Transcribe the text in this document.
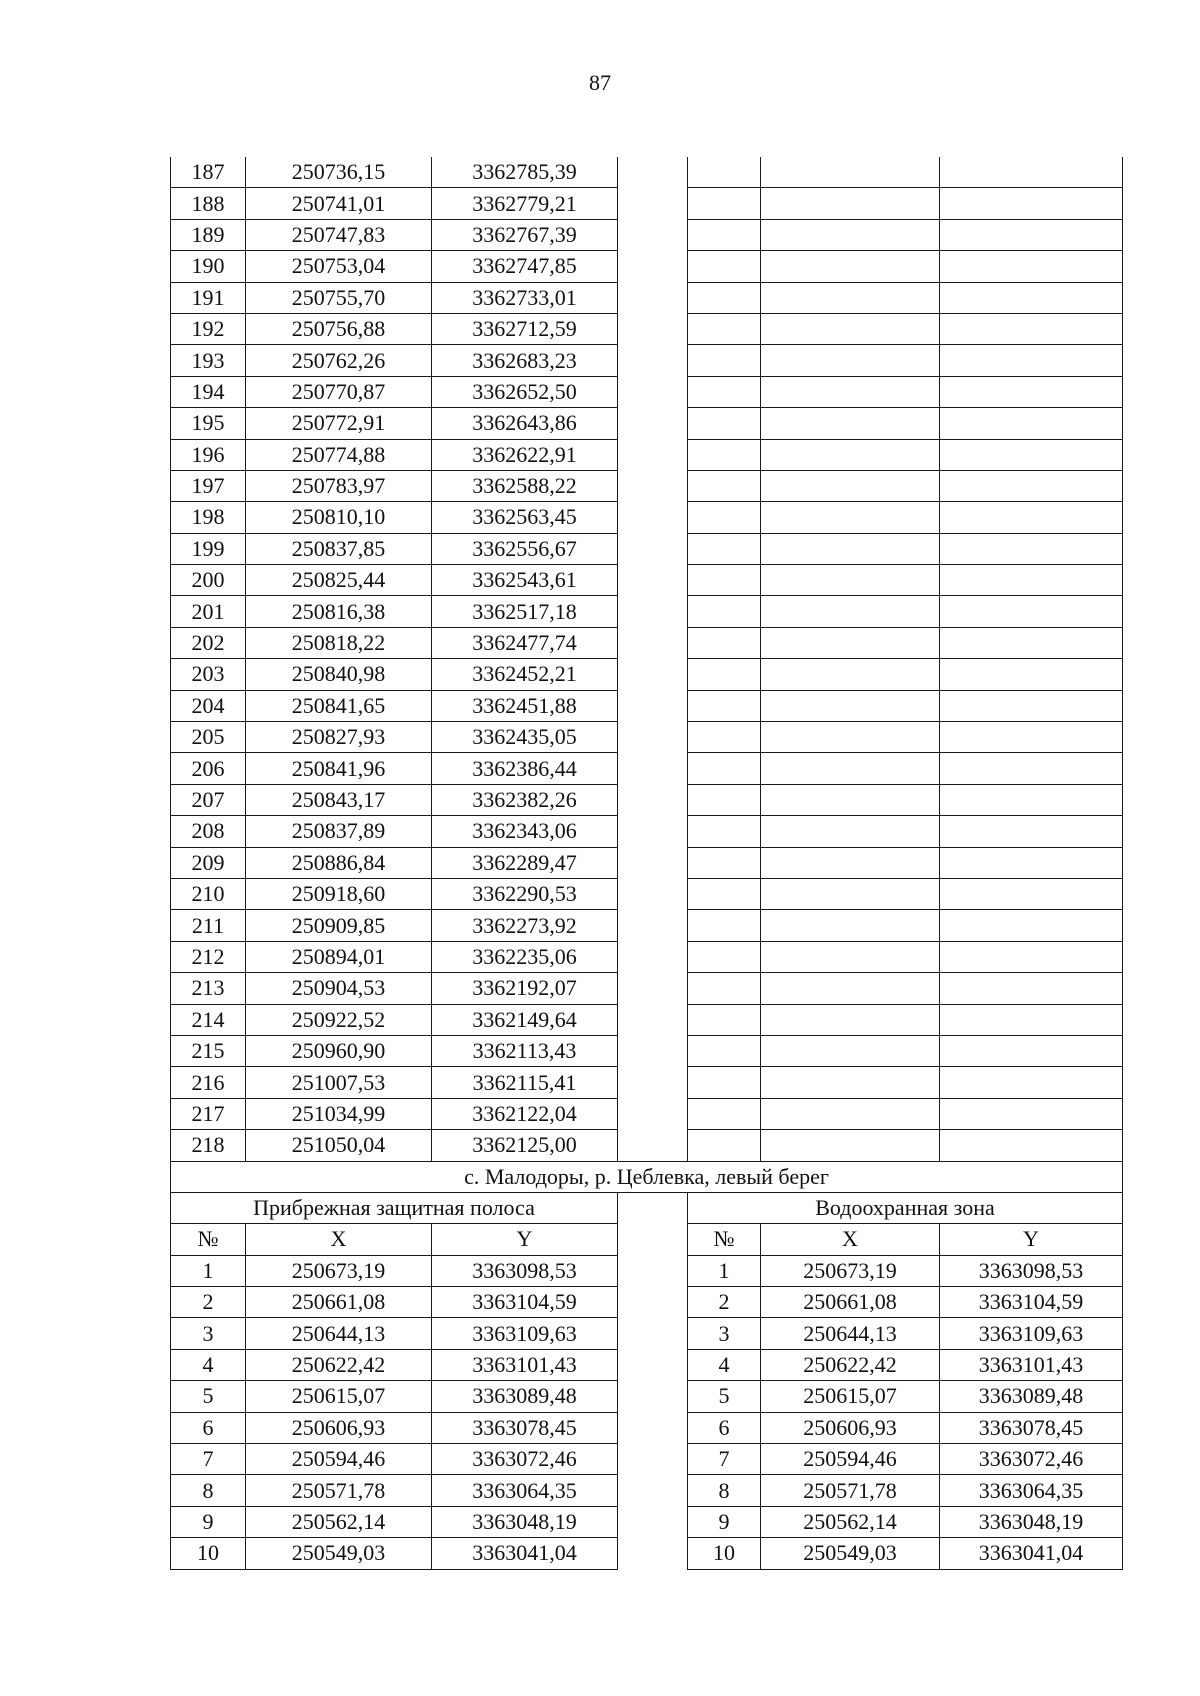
87
187	250736,15	3362785,39				
188	250741,01	3362779,21				
189	250747,83	3362767,39				
190	250753,04	3362747,85				
191	250755,70	3362733,01				
192	250756,88	3362712,59				
193	250762,26	3362683,23				
194	250770,87	3362652,50				
195	250772,91	3362643,86				
196	250774,88	3362622,91				
197	250783,97	3362588,22				
198	250810,10	3362563,45				
199	250837,85	3362556,67				
200	250825,44	3362543,61				
201	250816,38	3362517,18				
202	250818,22	3362477,74				
203	250840,98	3362452,21				
204	250841,65	3362451,88				
205	250827,93	3362435,05				
206	250841,96	3362386,44				
207	250843,17	3362382,26				
208	250837,89	3362343,06				
209	250886,84	3362289,47				
210	250918,60	3362290,53				
211	250909,85	3362273,92				
212	250894,01	3362235,06				
213	250904,53	3362192,07				
214	250922,52	3362149,64				
215	250960,90	3362113,43				
216	251007,53	3362115,41				
217	251034,99	3362122,04				
218	251050,04	3362125,00				
с. Малодоры, р. Цеблевка, левый берег						
Прибрежная защитная полоса				Водоохранная зона		
№	X	Y		№	X	Y
1	250673,19	3363098,53		1	250673,19	3363098,53
2	250661,08	3363104,59		2	250661,08	3363104,59
3	250644,13	3363109,63		3	250644,13	3363109,63
4	250622,42	3363101,43		4	250622,42	3363101,43
5	250615,07	3363089,48		5	250615,07	3363089,48
6	250606,93	3363078,45		6	250606,93	3363078,45
7	250594,46	3363072,46		7	250594,46	3363072,46
8	250571,78	3363064,35		8	250571,78	3363064,35
9	250562,14	3363048,19		9	250562,14	3363048,19
10	250549,03	3363041,04		10	250549,03	3363041,04
